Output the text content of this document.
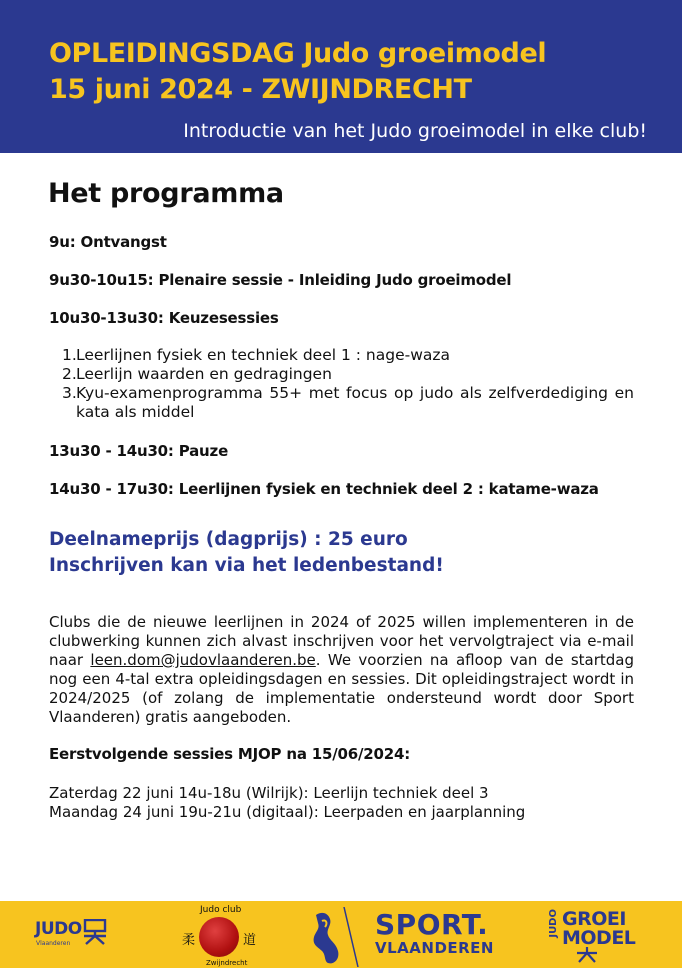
OPLEIDINGSDAG Judo groeimodel
15 juni 2024 - ZWIJNDRECHT

Introductie van het Judo groeimodel in elke club!

Het programma

9u: Ontvangst

9u30-10u15: Plenaire sessie - Inleiding Judo groeimodel

10u30-13u30: Keuzesessies

1. Leerlijnen fysiek en techniek deel 1 : nage-waza
2. Leerlijn waarden en gedragingen
3. Kyu-examenprogramma 55+ met focus op judo als zelfverdediging en kata als middel

13u30 - 14u30: Pauze

14u30 - 17u30: Leerlijnen fysiek en techniek deel 2 : katame-waza

Deelnameprijs (dagprijs) : 25 euro
Inschrijven kan via het ledenbestand!

Clubs die de nieuwe leerlijnen in 2024 of 2025 willen implementeren in de clubwerking kunnen zich alvast inschrijven voor het vervolgtraject via e-mail naar leen.dom@judovlaanderen.be. We voorzien na afloop van de startdag nog een 4-tal extra opleidingsdagen en sessies. Dit opleidingstraject wordt in 2024/2025 (of zolang de implementatie ondersteund wordt door Sport Vlaanderen) gratis aangeboden.

Eerstvolgende sessies MJOP na 15/06/2024:

Zaterdag 22 juni 14u-18u (Wilrijk): Leerlijn techniek deel 3
Maandag 24 juni 19u-21u (digitaal): Leerpaden en jaarplanning

JUDO
Vlaanderen
Judo club
柔	道
Zwijndrecht
SPORT.
VLAANDEREN
JUDO GROEI
MODEL
